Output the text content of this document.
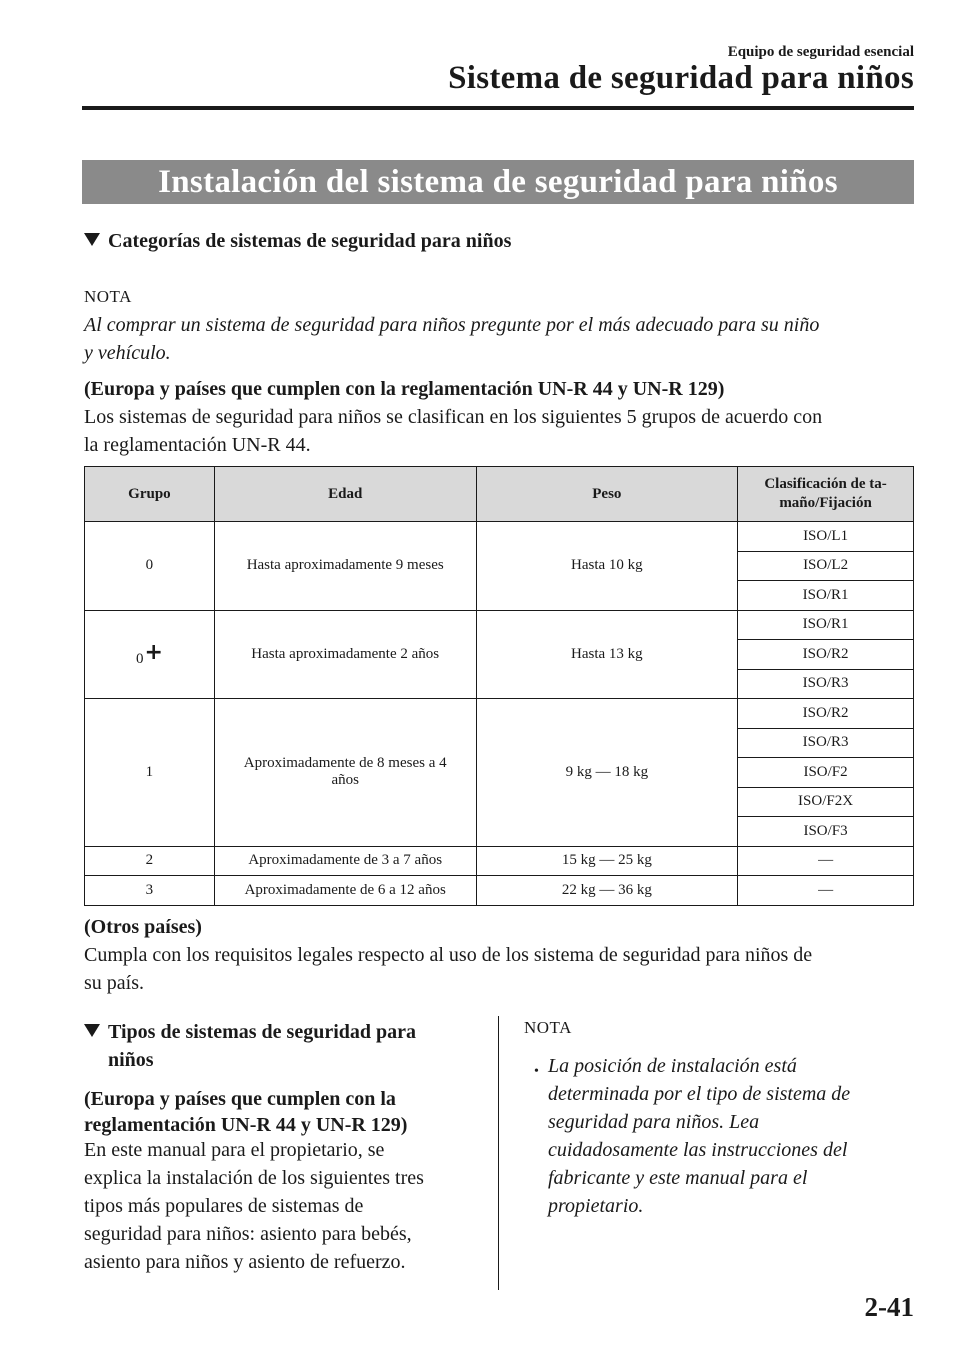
Equipo de seguridad esencial
Sistema de seguridad para niños
Instalación del sistema de seguridad para niños
Categorías de sistemas de seguridad para niños
NOTA
Al comprar un sistema de seguridad para niños pregunte por el más adecuado para su niño
y vehículo.
(Europa y países que cumplen con la reglamentación UN-R 44 y UN-R 129)
Los sistemas de seguridad para niños se clasifican en los siguientes 5 grupos de acuerdo con
la reglamentación UN-R 44.
Grupo	Edad	Peso	Clasificación de ta-
maño/Fijación
0	Hasta aproximadamente 9 meses	Hasta 10 kg	ISO/L1
			ISO/L2
			ISO/R1
0+	Hasta aproximadamente 2 años	Hasta 13 kg	ISO/R1
			ISO/R2
			ISO/R3
1	Aproximadamente de 8 meses a 4
años	9 kg — 18 kg	ISO/R2
			ISO/R3
			ISO/F2
			ISO/F2X
			ISO/F3
2	Aproximadamente de 3 a 7 años	15 kg — 25 kg	—
3	Aproximadamente de 6 a 12 años	22 kg — 36 kg	—
(Otros países)
Cumpla con los requisitos legales respecto al uso de los sistema de seguridad para niños de
su país.
Tipos de sistemas de seguridad para
niños
(Europa y países que cumplen con la
reglamentación UN-R 44 y UN-R 129)
En este manual para el propietario, se
explica la instalación de los siguientes tres
tipos más populares de sistemas de
seguridad para niños: asiento para bebés,
asiento para niños y asiento de refuerzo.
NOTA
• La posición de instalación está
determinada por el tipo de sistema de
seguridad para niños. Lea
cuidadosamente las instrucciones del
fabricante y este manual para el
propietario.
2-41
